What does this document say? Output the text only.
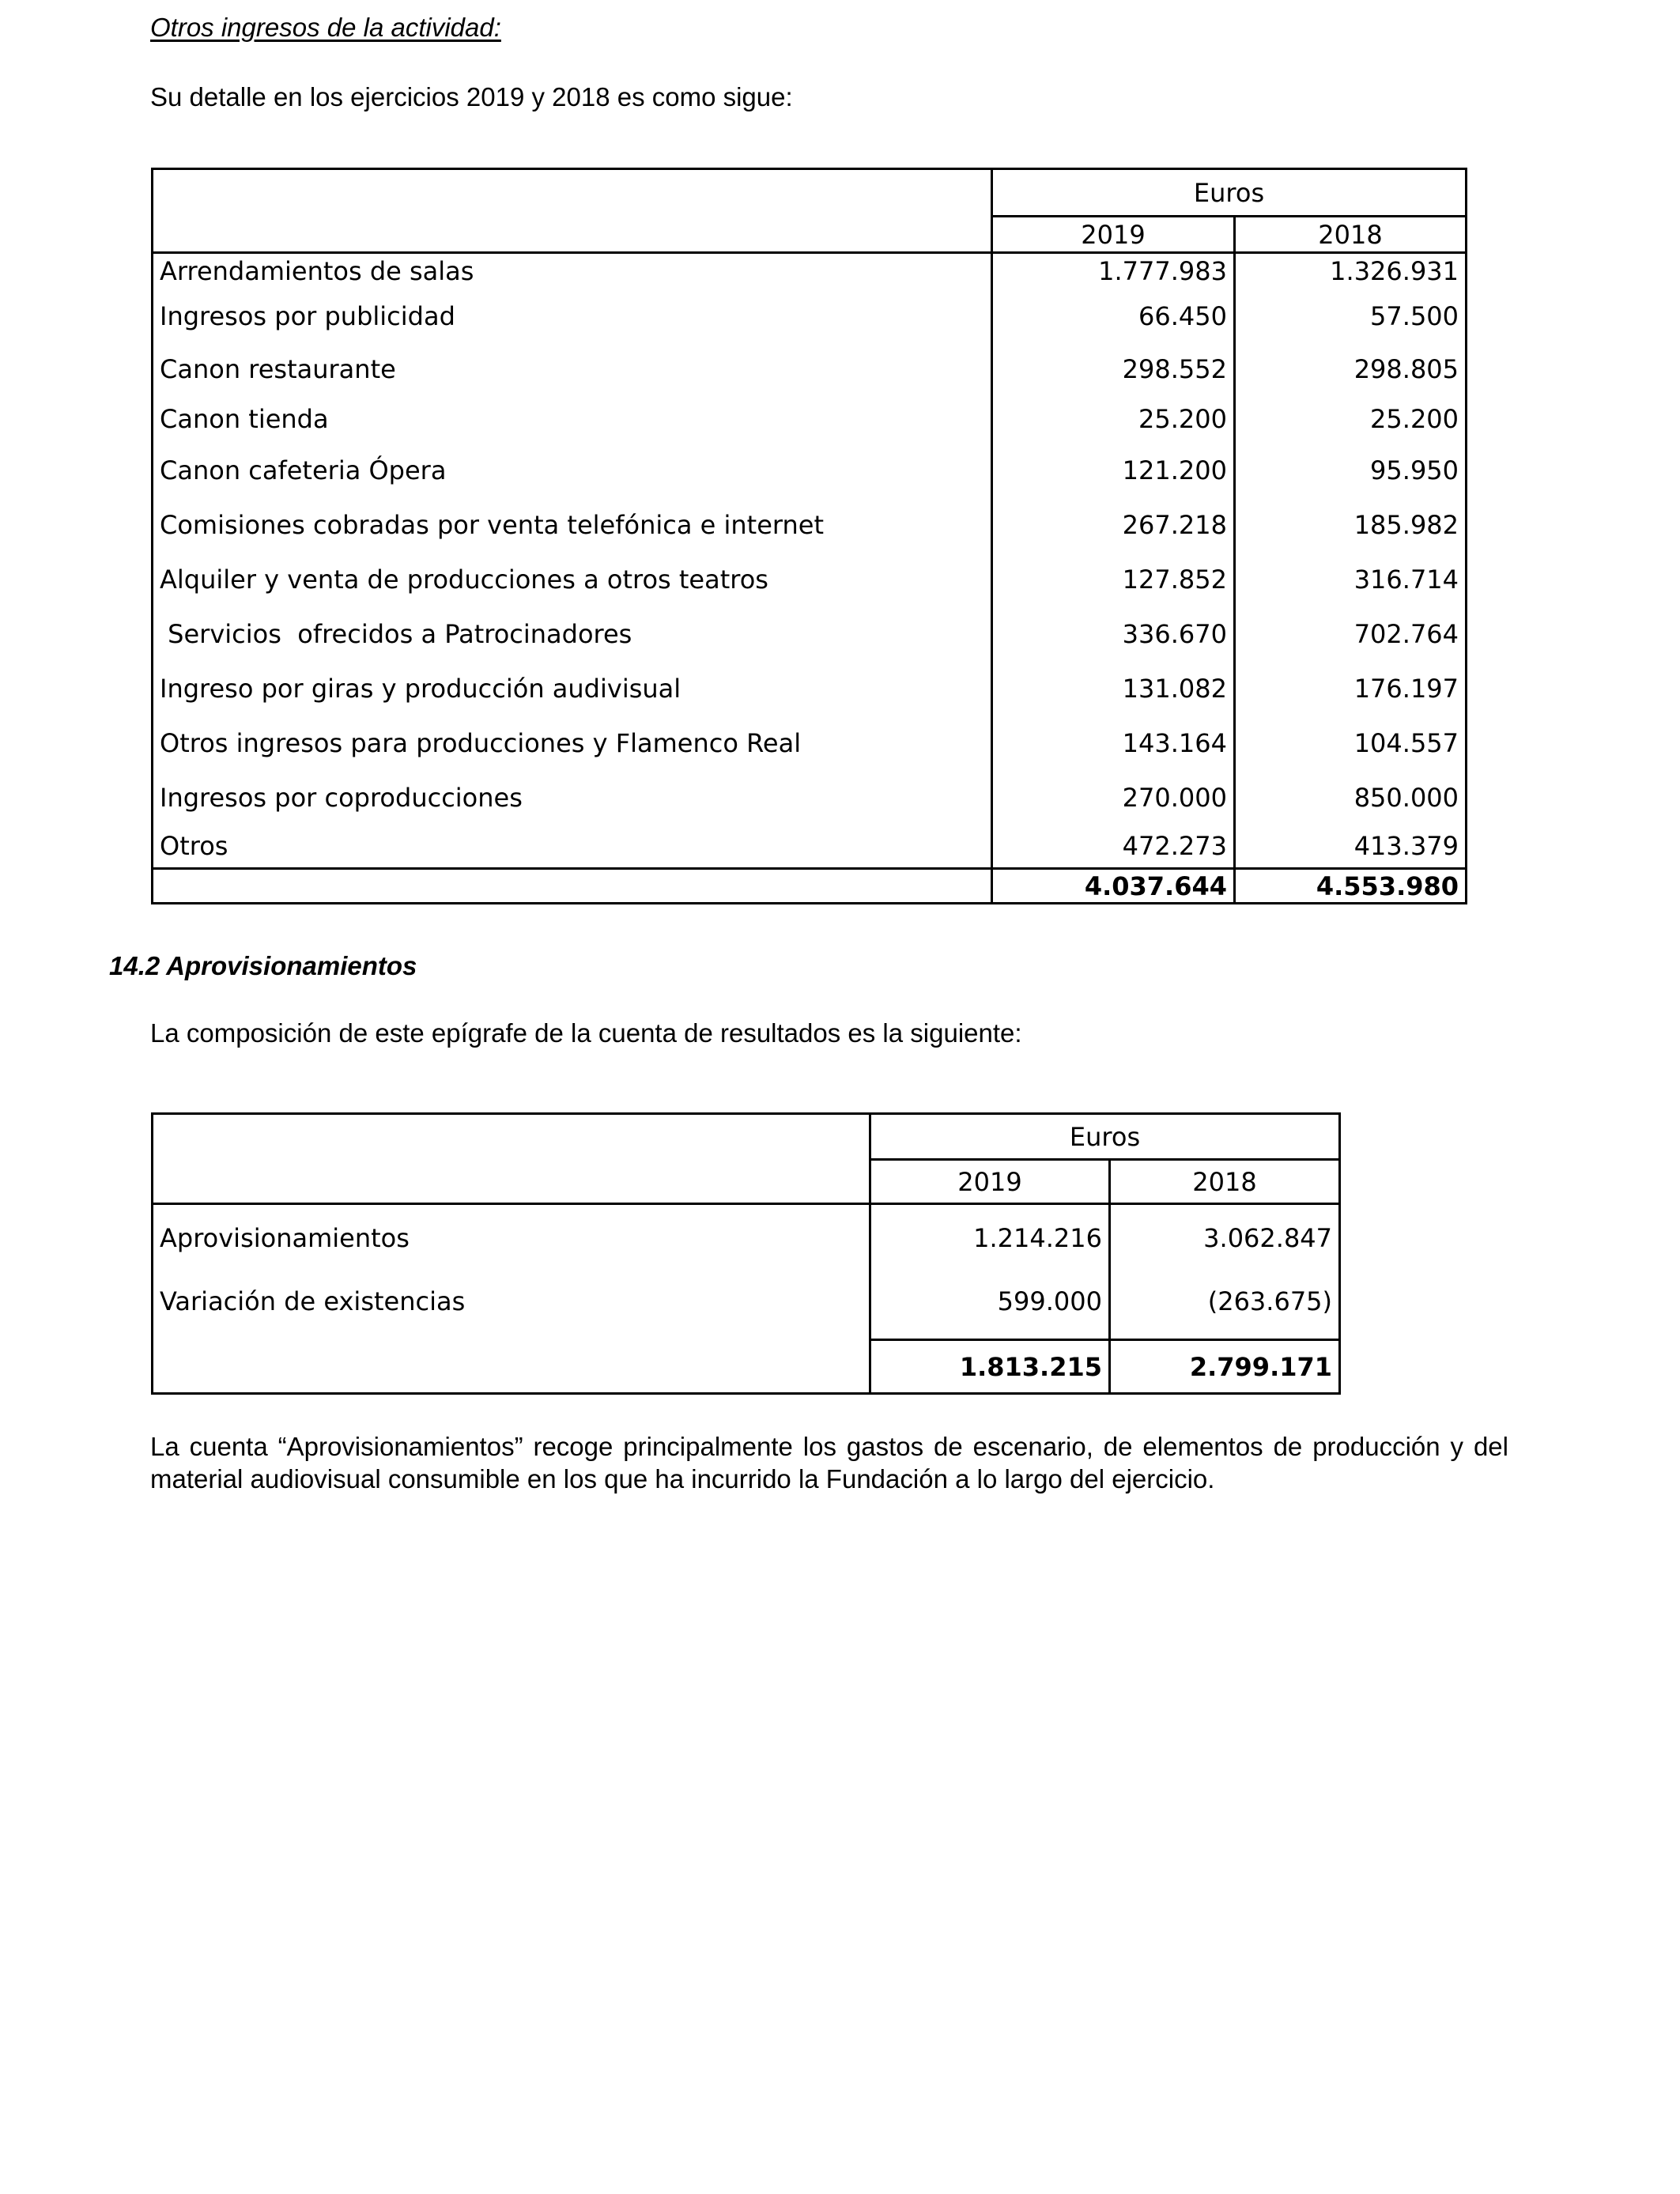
Otros ingresos de la actividad:
Su detalle en los ejercicios 2019 y 2018 es como sigue:
	Euros	
	2019	2018
Arrendamientos de salas	1.777.983	1.326.931
Ingresos por publicidad	66.450	57.500
Canon restaurante	298.552	298.805
Canon tienda	25.200	25.200
Canon cafeteria Ópera	121.200	95.950
Comisiones cobradas por venta telefónica e internet	267.218	185.982
Alquiler y venta de producciones a otros teatros	127.852	316.714
Servicios  ofrecidos a Patrocinadores	336.670	702.764
Ingreso por giras y producción audivisual	131.082	176.197
Otros ingresos para producciones y Flamenco Real	143.164	104.557
Ingresos por coproducciones	270.000	850.000
Otros	472.273	413.379
	4.037.644	4.553.980
14.2 Aprovisionamientos
La composición de este epígrafe de la cuenta de resultados es la siguiente:
	Euros	
	2019	2018
Aprovisionamientos	1.214.216	3.062.847
Variación de existencias	599.000	(263.675)
	1.813.215	2.799.171
La cuenta “Aprovisionamientos” recoge principalmente los gastos de escenario, de elementos de producción y del material audiovisual consumible en los que ha incurrido la Fundación a lo largo del ejercicio.
